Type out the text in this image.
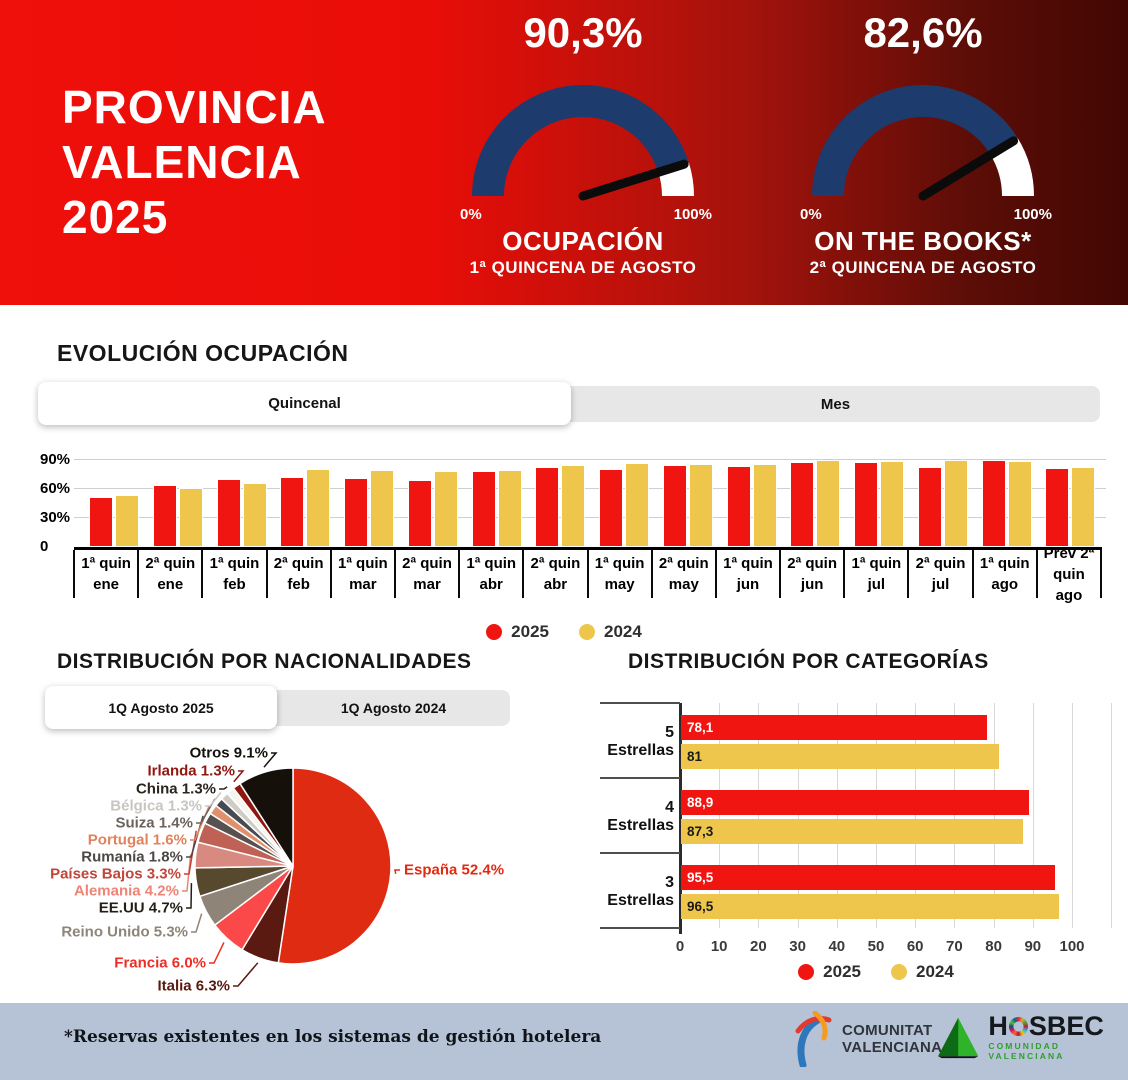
PROVINCIA
VALENCIA
2025
90,3%
0%	100%
OCUPACIÓN
1ª QUINCENA DE AGOSTO
82,6%
0%	100%
ON THE BOOKS*
2ª QUINCENA DE AGOSTO
EVOLUCIÓN OCUPACIÓN
Quincenal	Mes
0
30%
60%
90%
1ª quin
ene
2ª quin
ene
1ª quin
feb
2ª quin
feb
1ª quin
mar
2ª quin
mar
1ª quin
abr
2ª quin
abr
1ª quin
may
2ª quin
may
1ª quin
jun
2ª quin
jun
1ª quin
jul
2ª quin
jul
1ª quin
ago
Prev 2ª
quin ago
2025	2024
DISTRIBUCIÓN POR NACIONALIDADES
1Q Agosto 2025	1Q Agosto 2024
España 52.4%
Italia 6.3%
Francia 6.0%
Reino Unido 5.3%
EE.UU 4.7%
Alemania 4.2%
Países Bajos 3.3%
Rumanía 1.8%
Portugal 1.6%
Suiza 1.4%
Bélgica 1.3%
China 1.3%
Irlanda 1.3%
Otros 9.1%
DISTRIBUCIÓN POR CATEGORÍAS
5 Estrellas
78,1
81
4 Estrellas
88,9
87,3
3 Estrellas
95,5
96,5
0	10	20	30	40	50	60	70	80	90	100
2025	2024
*Reservas existentes en los sistemas de gestión hotelera	COMUNITAT
VALENCIANA
H SBEC
COMUNIDAD VALENCIANA
